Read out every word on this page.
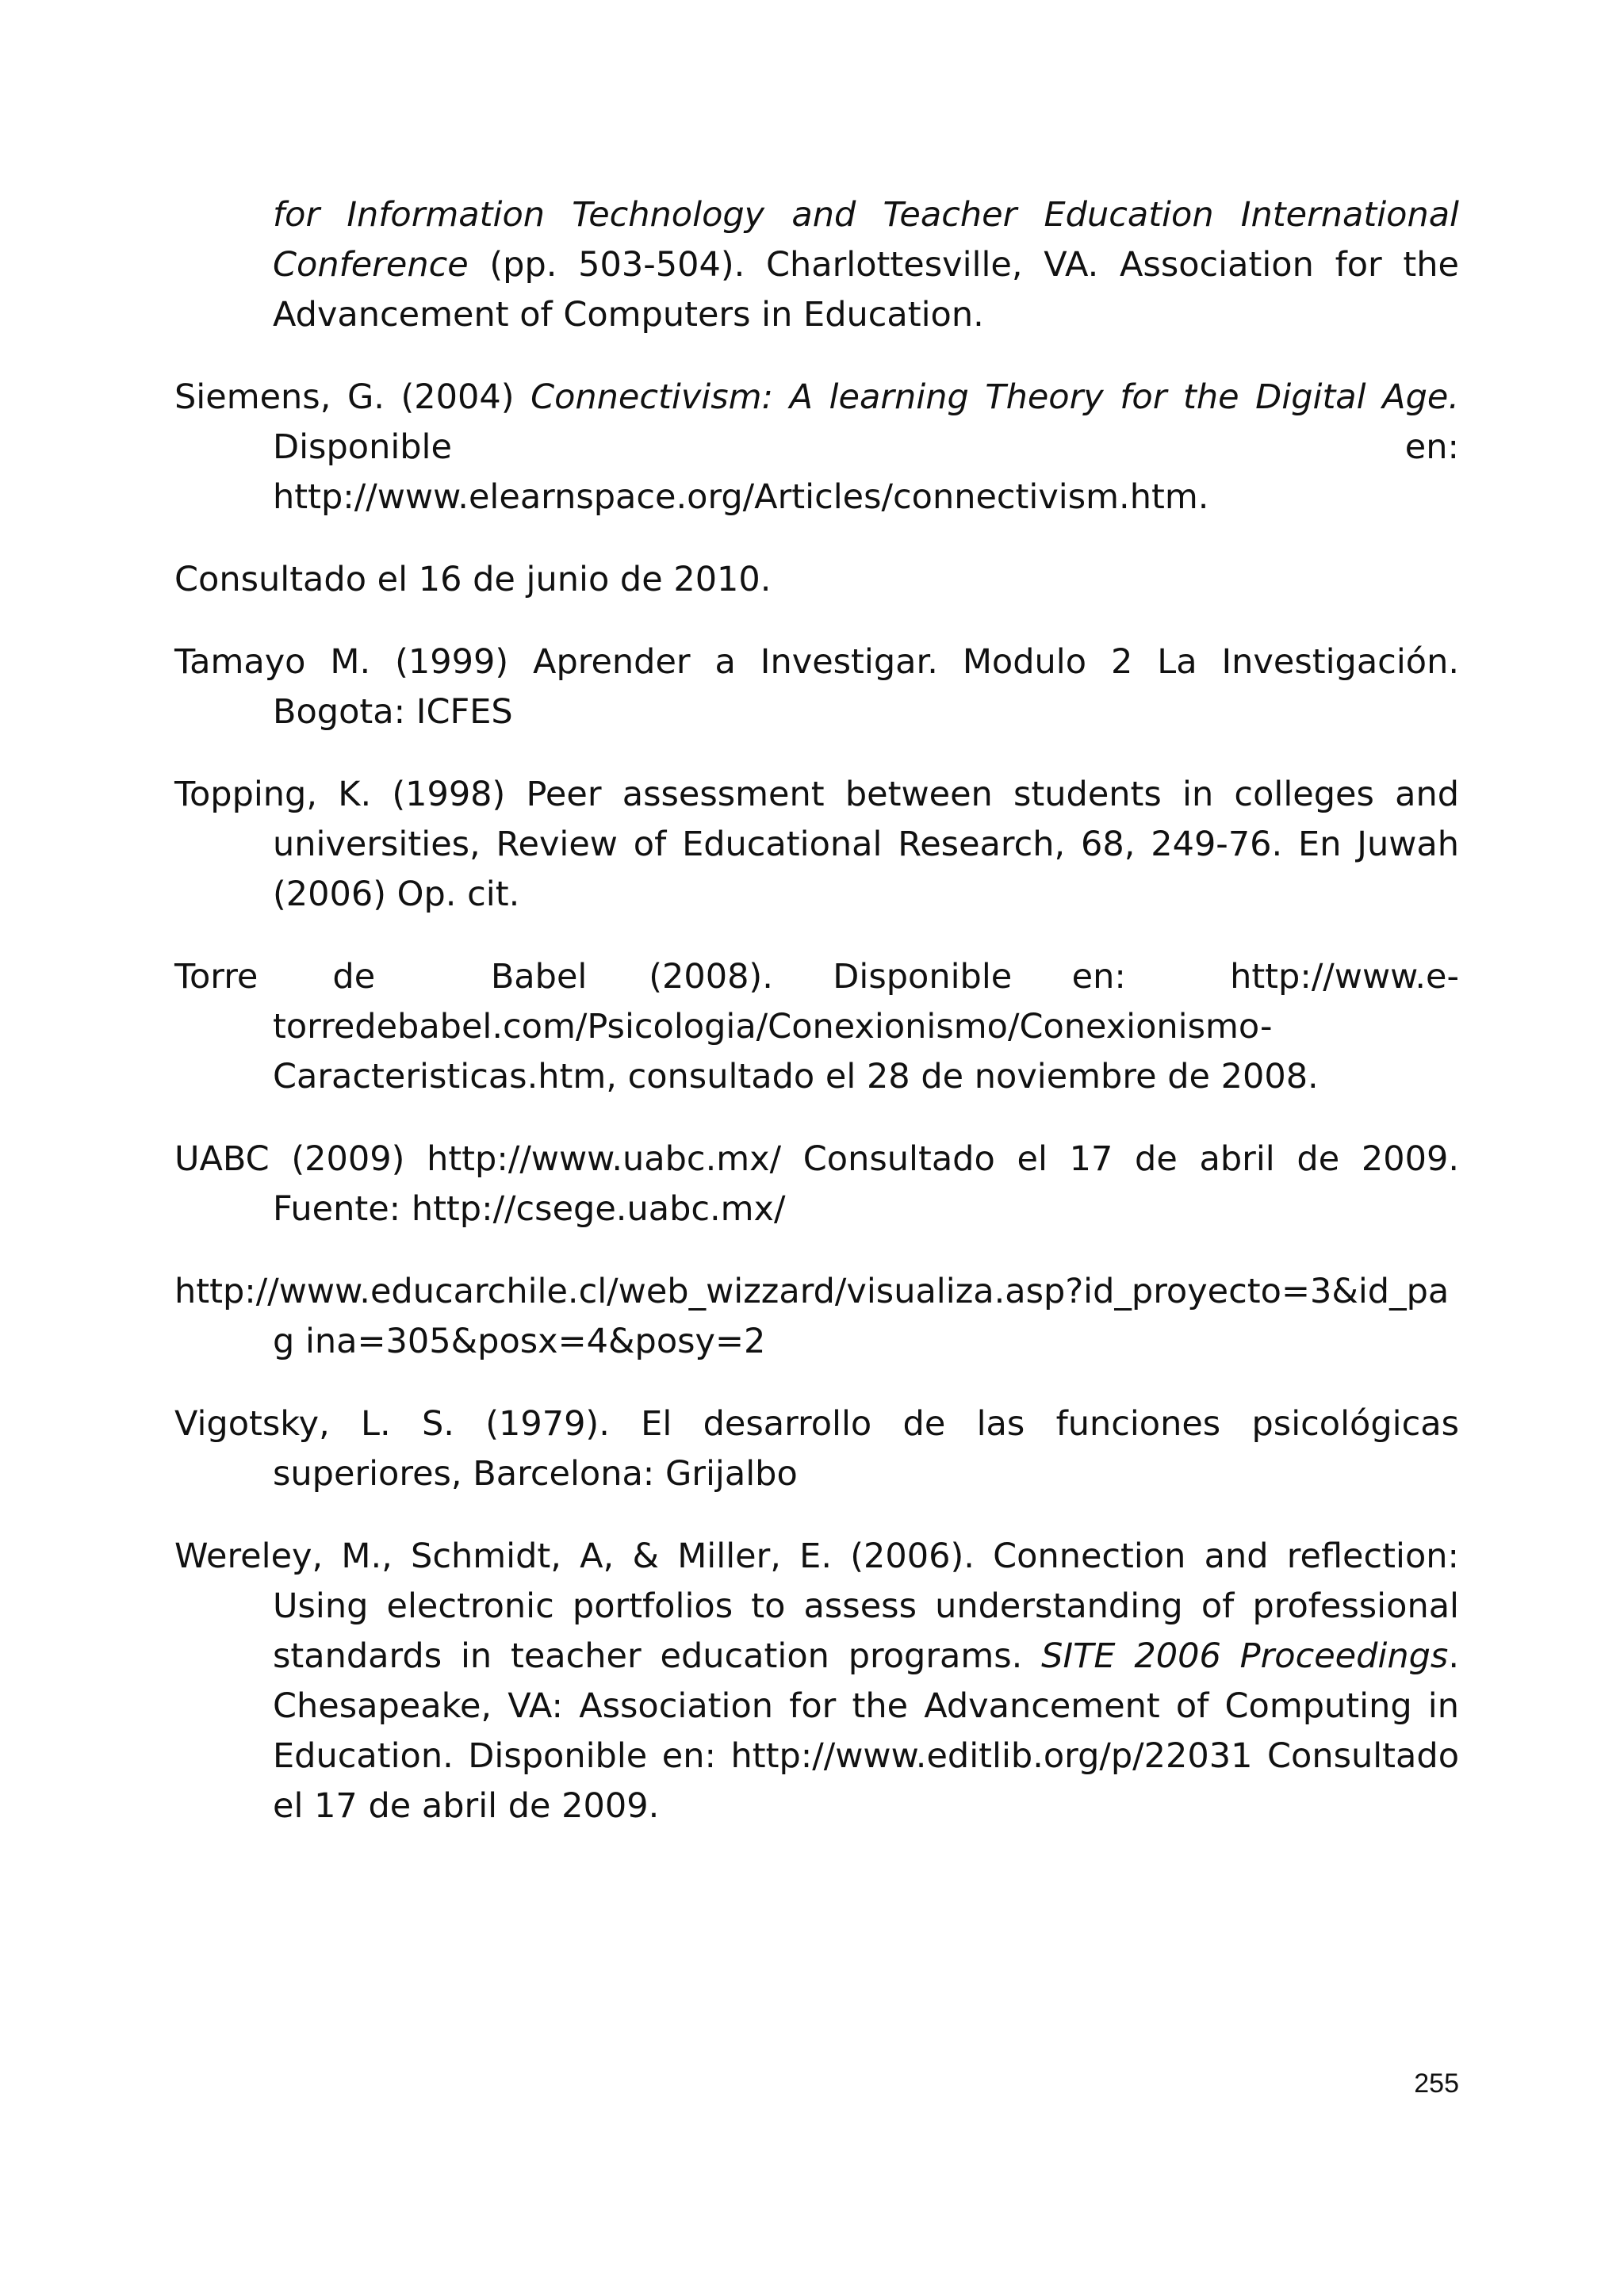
for Information Technology and Teacher Education International Conference (pp. 503-504). Charlottesville, VA. Association for the Advancement of Computers in Education.

Siemens, G. (2004) Connectivism: A learning Theory for the Digital Age. Disponible en: http://www.elearnspace.org/Articles/connectivism.htm.

Consultado el 16 de junio de 2010.

Tamayo M. (1999) Aprender a Investigar. Modulo 2 La Investigación. Bogota: ICFES

Topping, K. (1998) Peer assessment between students in colleges and universities, Review of Educational Research, 68, 249-76. En Juwah (2006) Op. cit.

Torre	de	Babel (2008). Disponible en:	http://www.e-
torredebabel.com/Psicologia/Conexionismo/Conexionismo-
Caracteristicas.htm, consultado el 28 de noviembre de 2008.

UABC (2009) http://www.uabc.mx/ Consultado el 17 de abril de 2009. Fuente: http://csege.uabc.mx/

http://www.educarchile.cl/web_wizzard/visualiza.asp?id_proyecto=3&id_pag ina=305&posx=4&posy=2

Vigotsky, L. S. (1979). El desarrollo de las funciones psicológicas superiores, Barcelona: Grijalbo

Wereley, M., Schmidt, A, & Miller, E. (2006). Connection and reflection: Using electronic portfolios to assess understanding of professional standards in teacher education programs. SITE 2006 Proceedings. Chesapeake, VA: Association for the Advancement of Computing in Education. Disponible en: http://www.editlib.org/p/22031 Consultado el 17 de abril de 2009.

255
